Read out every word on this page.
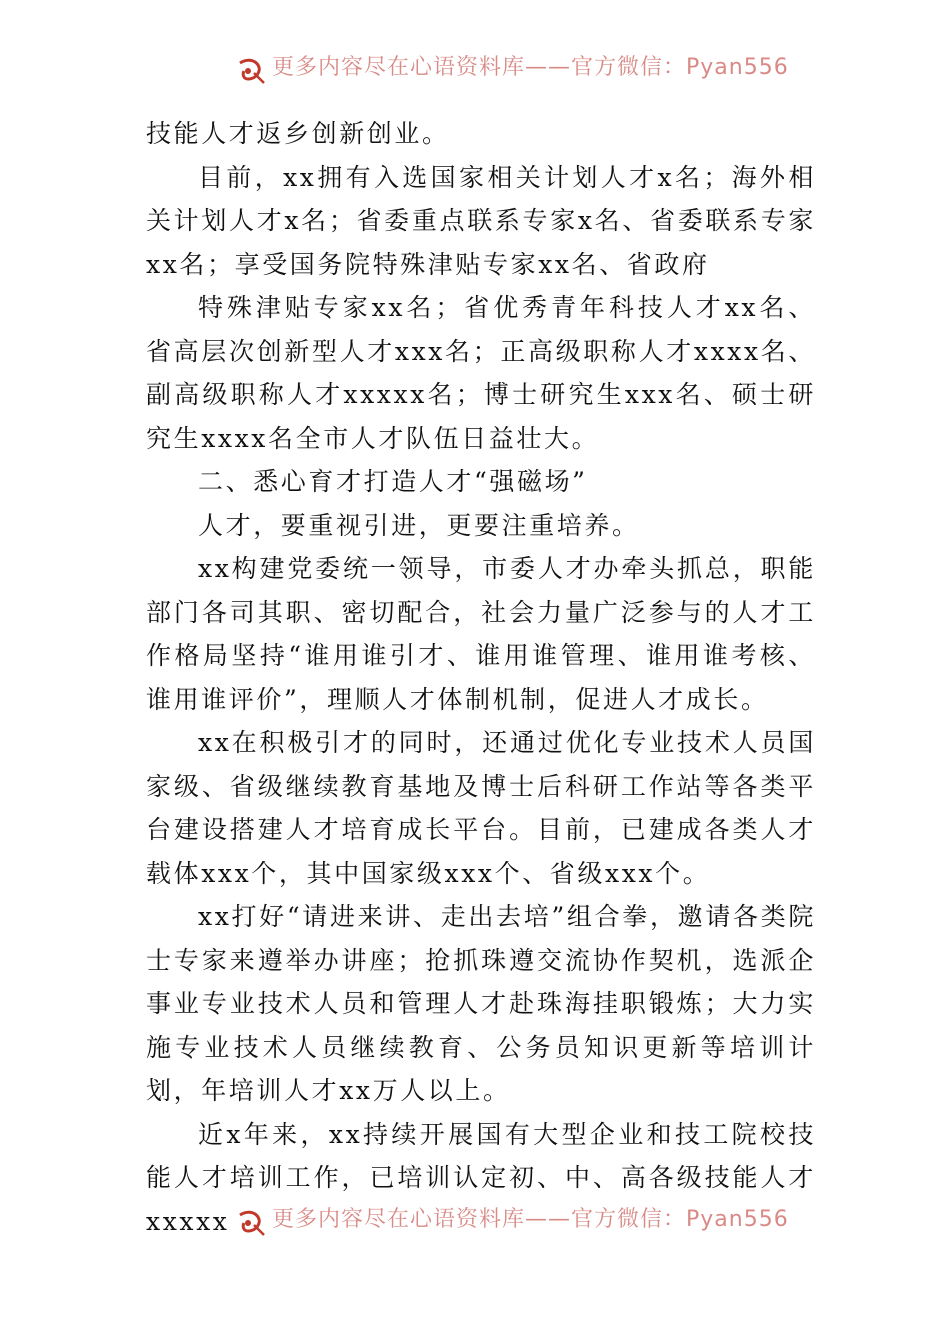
更多内容尽在心语资料库——官方微信：Pyan556

技能人才返乡创新创业。

目前，xx拥有入选国家相关计划人才x名；海外相关计划人才x名；省委重点联系专家x名、省委联系专家xx名；享受国务院特殊津贴专家xx名、省政府

特殊津贴专家xx名；省优秀青年科技人才xx名、省高层次创新型人才xxx名；正高级职称人才xxxx名、副高级职称人才xxxxx名；博士研究生xxx名、硕士研究生xxxx名全市人才队伍日益壮大。

二、悉心育才打造人才“强磁场”

人才，要重视引进，更要注重培养。

xx构建党委统一领导，市委人才办牵头抓总，职能部门各司其职、密切配合，社会力量广泛参与的人才工作格局坚持“谁用谁引才、谁用谁管理、谁用谁考核、谁用谁评价”，理顺人才体制机制，促进人才成长。

xx在积极引才的同时，还通过优化专业技术人员国家级、省级继续教育基地及博士后科研工作站等各类平台建设搭建人才培育成长平台。目前，已建成各类人才载体xxx个，其中国家级xxx个、省级xxx个。

xx打好“请进来讲、走出去培”组合拳，邀请各类院士专家来遵举办讲座；抢抓珠遵交流协作契机，选派企事业专业技术人员和管理人才赴珠海挂职锻炼；大力实施专业技术人员继续教育、公务员知识更新等培训计划，年培训人才xx万人以上。

近x年来，xx持续开展国有大型企业和技工院校技能人才培训工作，已培训认定初、中、高各级技能人才xxxxx	更多内容尽在心语资料库——官方微信：Pyan556
